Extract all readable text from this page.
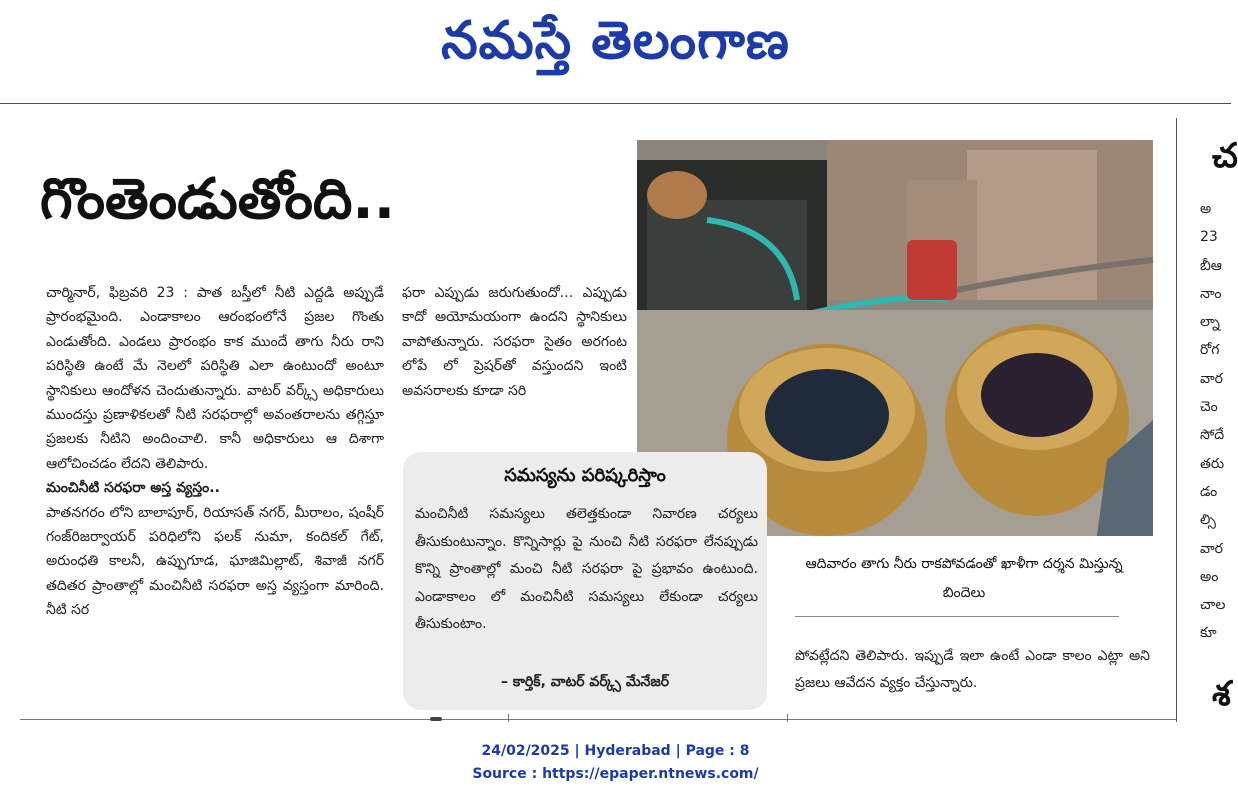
నమస్తే తెలంగాణ
గొంతెండుతోంది..

చార్మినార్, ఫిబ్రవరి 23 : పాత బస్తీలో నీటి ఎద్దడి అప్పుడే ప్రారంభమైంది. ఎండాకాలం ఆరంభంలోనే ప్రజల గొంతు ఎండుతోంది. ఎండలు ప్రారంభం కాక ముందే తాగు నీరు రాని పరిస్థితి ఉంటే మే నెలలో పరిస్థితి ఎలా ఉంటుందో అంటూ స్థానికులు ఆందోళన చెందుతున్నారు. వాటర్ వర్క్స్ అధికారులు ముందస్తు ప్రణాళికలతో నీటి సరఫరాల్లో అవంతరాలను తగ్గిస్తూ ప్రజలకు నీటిని అందించాలి. కానీ అధికారులు ఆ దిశాగా ఆలోచించడం లేదని తెలిపారు.

మంచినీటి సరఫరా అస్త వ్యస్తం..

పాతనగరం లోని బాలాపూర్, రియాసత్ నగర్, మీరాలం, షంషీర్ గంజ్‌రిజర్వాయర్ పరిధిలోని ఫలక్ నుమా, కందికల్ గేట్, అరుంధతి కాలనీ, ఉప్పుగూడ, ఘాజిమిల్లాట్, శివాజీ నగర్ తదితర ప్రాంతాల్లో మంచినీటి సరఫరా అస్త వ్యస్తంగా మారింది. నీటి సర

ఫరా ఎప్పుడు జరుగుతుందో... ఎప్పుడు కాదో అయోమయంగా ఉందని స్థానికులు వాపోతున్నారు. సరఫరా సైతం అరగంట లోపే లో ప్రెషర్‌తో వస్తుందని ఇంటి అవసరాలకు కూడా సరి

ఆదివారం తాగు నీరు రాకపోవడంతో ఖాళీగా దర్శన మిస్తున్న బిందెలు
పోవట్లేదని తెలిపారు. ఇప్పుడే ఇలా ఉంటే ఎండా కాలం ఎట్లా అని ప్రజలు ఆవేదన వ్యక్తం చేస్తున్నారు.
సమస్యను పరిష్కరిస్తాం
మంచినీటి సమస్యలు తలెత్తకుండా నివారణ చర్యలు తీసుకుంటున్నాం. కొన్నిసార్లు పై నుంచి నీటి సరఫరా లేనప్పుడు కొన్ని ప్రాంతాల్లో మంచి నీటి సరఫరా పై ప్రభావం ఉంటుంది. ఎండాకాలం లో మంచినీటి సమస్యలు లేకుండా చర్యలు తీసుకుంటాం.
– కార్తిక్, వాటర్ వర్క్స్ మేనేజర్
చ
అ
23
బీఆ
నాం
ల్నా
రోగ
వార
చెం
సోదే
తరు
డం
ల్సి
వార
అం
చాల
కూ
శ
24/02/2025 | Hyderabad | Page : 8
Source : https://epaper.ntnews.com/
